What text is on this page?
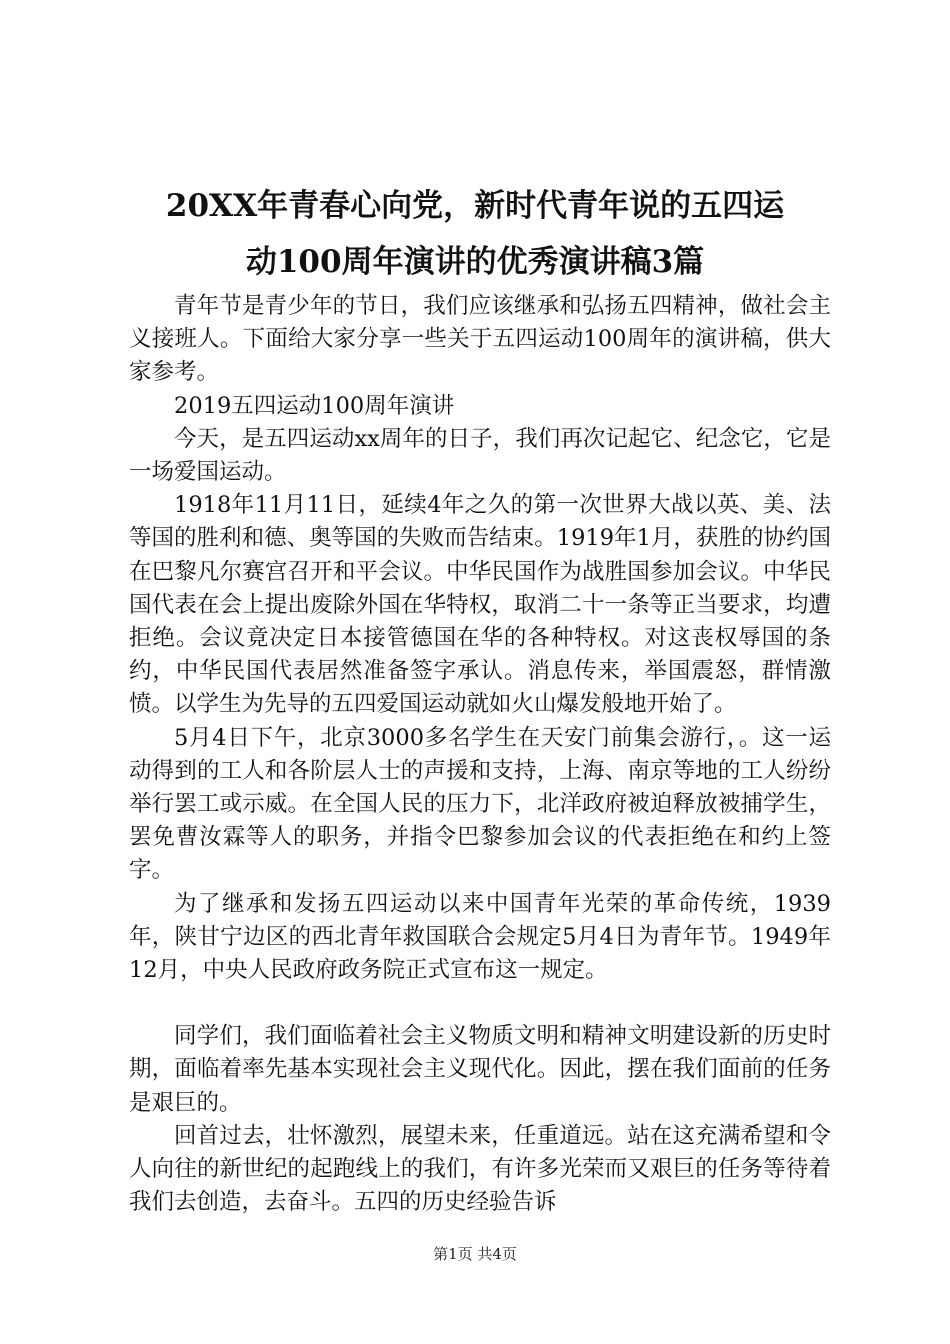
20XX年青春心向党，新时代青年说的五四运
动100周年演讲的优秀演讲稿3篇

青年节是青少年的节日，我们应该继承和弘扬五四精神，做社会主义接班人。下面给大家分享一些关于五四运动100周年的演讲稿，供大家参考。

2019五四运动100周年演讲

今天，是五四运动xx周年的日子，我们再次记起它、纪念它，它是一场爱国运动。

1918年11月11日，延续4年之久的第一次世界大战以英、美、法等国的胜利和德、奥等国的失败而告结束。1919年1月，获胜的协约国在巴黎凡尔赛宫召开和平会议。中华民国作为战胜国参加会议。中华民国代表在会上提出废除外国在华特权，取消二十一条等正当要求，均遭拒绝。会议竟决定日本接管德国在华的各种特权。对这丧权辱国的条约，中华民国代表居然准备签字承认。消息传来，举国震怒，群情激愤。以学生为先导的五四爱国运动就如火山爆发般地开始了。

5月4日下午，北京3000多名学生在天安门前集会游行，。这一运动得到的工人和各阶层人士的声援和支持，上海、南京等地的工人纷纷举行罢工或示威。在全国人民的压力下，北洋政府被迫释放被捕学生，罢免曹汝霖等人的职务，并指令巴黎参加会议的代表拒绝在和约上签字。

为了继承和发扬五四运动以来中国青年光荣的革命传统，1939年，陕甘宁边区的西北青年救国联合会规定5月4日为青年节。1949年12月，中央人民政府政务院正式宣布这一规定。

同学们，我们面临着社会主义物质文明和精神文明建设新的历史时期，面临着率先基本实现社会主义现代化。因此，摆在我们面前的任务是艰巨的。

回首过去，壮怀激烈，展望未来，任重道远。站在这充满希望和令人向往的新世纪的起跑线上的我们，有许多光荣而又艰巨的任务等待着我们去创造，去奋斗。五四的历史经验告诉

第1页 共4页
